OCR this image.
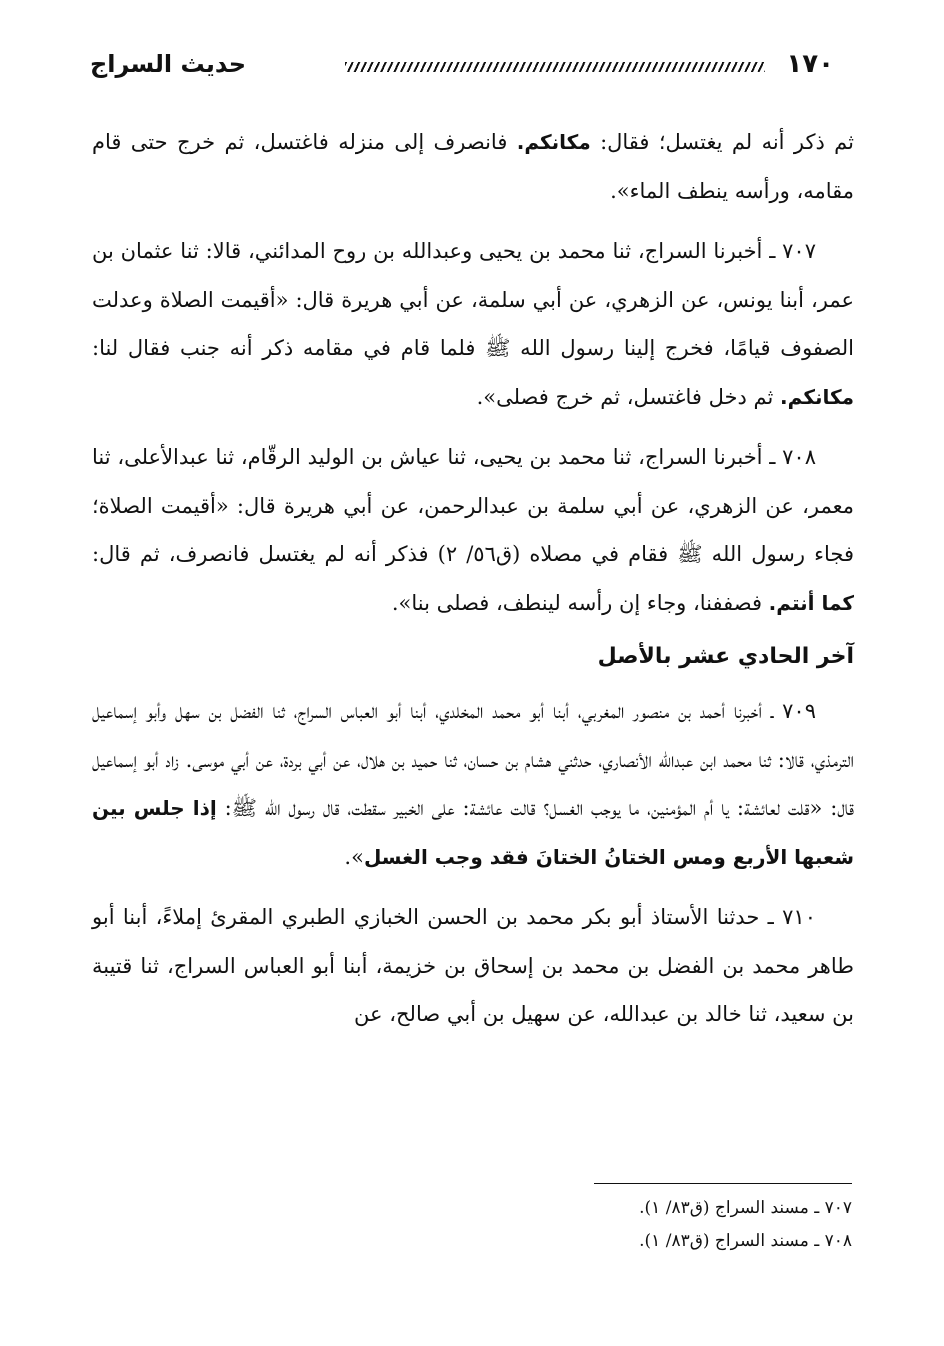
١٧٠
حديث السراج

ثم ذكر أنه لم يغتسل؛ فقال: مكانكم. فانصرف إلى منزله فاغتسل، ثم خرج حتى قام مقامه، ورأسه ينطف الماء».

٧٠٧ ـ أخبرنا السراج، ثنا محمد بن يحيى وعبدالله بن روح المدائني، قالا: ثنا عثمان بن عمر، أبنا يونس، عن الزهري، عن أبي سلمة، عن أبي هريرة قال: «أقيمت الصلاة وعدلت الصفوف قيامًا، فخرج إلينا رسول الله ﷺ فلما قام في مقامه ذكر أنه جنب فقال لنا: مكانكم. ثم دخل فاغتسل، ثم خرج فصلى».

٧٠٨ ـ أخبرنا السراج، ثنا محمد بن يحيى، ثنا عياش بن الوليد الرقّام، ثنا عبدالأعلى، ثنا معمر، عن الزهري، عن أبي سلمة بن عبدالرحمن، عن أبي هريرة قال: «أقيمت الصلاة؛ فجاء رسول الله ﷺ فقام في مصلاه (ق٥٦/ ٢) فذكر أنه لم يغتسل فانصرف، ثم قال: كما أنتم. فصففنا، وجاء إن رأسه لينطف، فصلى بنا».

آخر الحادي عشر بالأصل

٧٠٩ ـ أخبرنا أحمد بن منصور المغربي، أبنا أبو محمد المخلدي، أبنا أبو العباس السراج، ثنا الفضل بن سهل وأبو إسماعيل الترمذي، قالا: ثنا محمد ابن عبدالله الأنصاري، حدثني هشام بن حسان، ثنا حميد بن هلال، عن أبي بردة، عن أبي موسى. زاد أبو إسماعيل قال: «قلت لعائشة: يا أم المؤمنين، ما يوجب الغسل؟ قالت عائشة: على الخبير سقطت، قال رسول الله ﷺ: إذا جلس بين شعبها الأربع ومس الختانُ الختانَ فقد وجب الغسل».

٧١٠ ـ حدثنا الأستاذ أبو بكر محمد بن الحسن الخبازي الطبري المقرئ إملاءً، أبنا أبو طاهر محمد بن الفضل بن محمد بن إسحاق بن خزيمة، أبنا أبو العباس السراج، ثنا قتيبة بن سعيد، ثنا خالد بن عبدالله، عن سهيل بن أبي صالح، عن

٧٠٧ ـ مسند السراج (ق٨٣/ ١).
٧٠٨ ـ مسند السراج (ق٨٣/ ١).
